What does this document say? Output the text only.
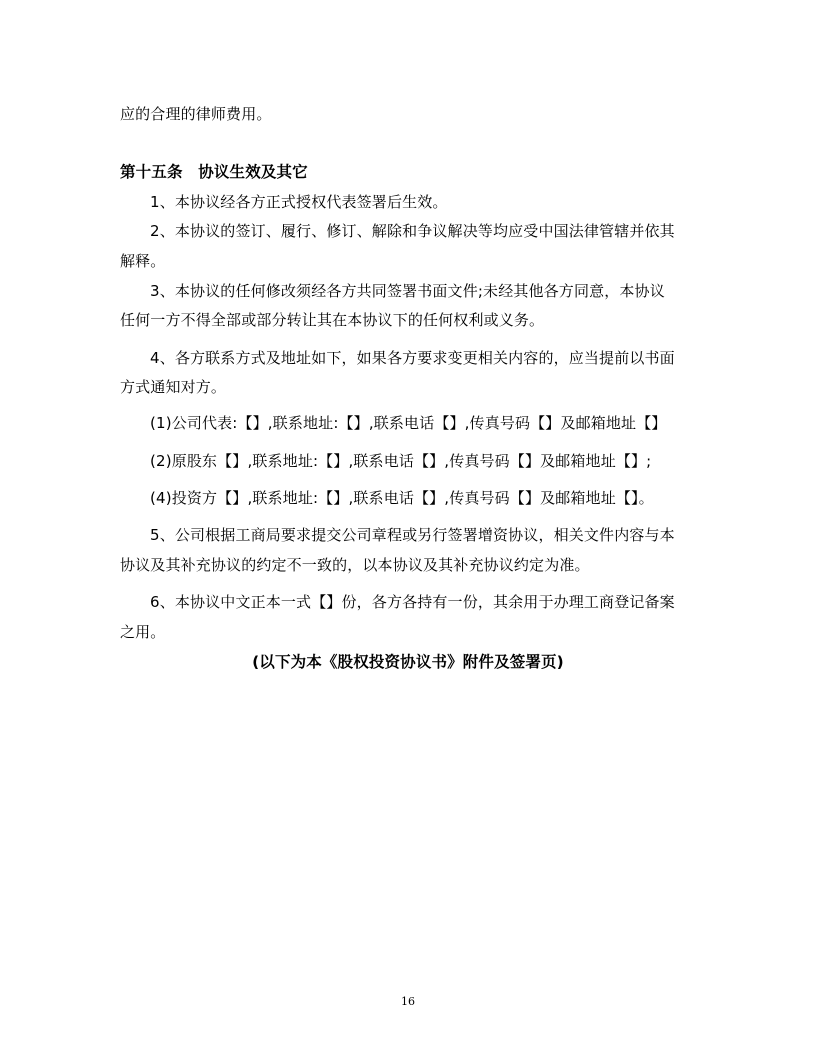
应的合理的律师费用。
第十五条　协议生效及其它
1、本协议经各方正式授权代表签署后生效。
2、本协议的签订、履行、修订、解除和争议解决等均应受中国法律管辖并依其
解释。
3、本协议的任何修改须经各方共同签署书面文件;未经其他各方同意，本协议
任何一方不得全部或部分转让其在本协议下的任何权利或义务。
4、各方联系方式及地址如下，如果各方要求变更相关内容的，应当提前以书面
方式通知对方。
(1)公司代表:【】,联系地址:【】,联系电话【】,传真号码【】及邮箱地址【】
(2)原股东【】,联系地址:【】,联系电话【】,传真号码【】及邮箱地址【】;
(4)投资方【】,联系地址:【】,联系电话【】,传真号码【】及邮箱地址【】。
5、公司根据工商局要求提交公司章程或另行签署增资协议，相关文件内容与本
协议及其补充协议的约定不一致的，以本协议及其补充协议约定为准。
6、本协议中文正本一式【】份，各方各持有一份，其余用于办理工商登记备案
之用。
(以下为本《股权投资协议书》附件及签署页)
16
